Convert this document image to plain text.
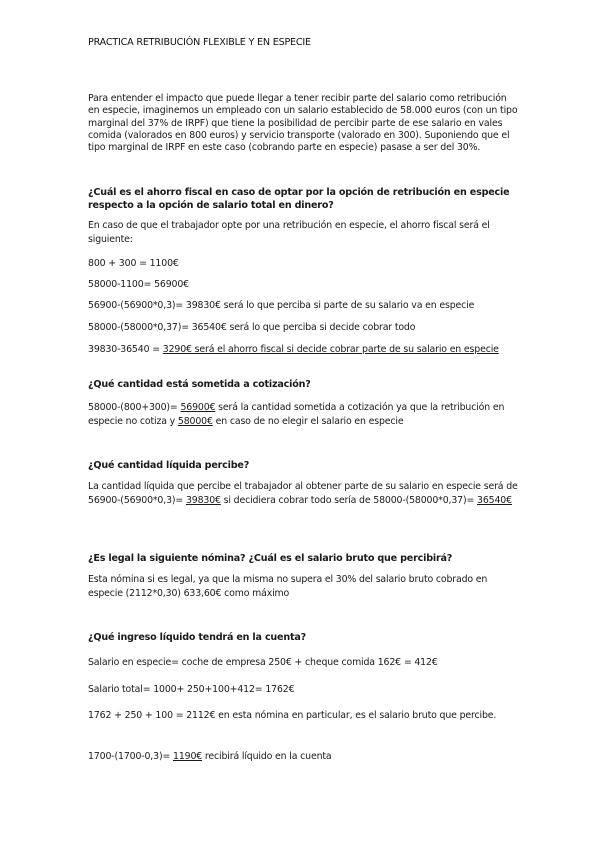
PRACTICA RETRIBUCIÓN FLEXIBLE Y EN ESPECIE
Para entender el impacto que puede llegar a tener recibir parte del salario como retribución en especie, imaginemos un empleado con un salario establecido de 58.000 euros (con un tipo marginal del 37% de IRPF) que tiene la posibilidad de percibir parte de ese salario en vales comida (valorados en 800 euros) y servicio transporte (valorado en 300). Suponiendo que el tipo marginal de IRPF en este caso (cobrando parte en especie) pasase a ser del 30%.
¿Cuál es el ahorro fiscal en caso de optar por la opción de retribución en especie respecto a la opción de salario total en dinero?
En caso de que el trabajador opte por una retribución en especie, el ahorro fiscal será el siguiente:
800 + 300 = 1100€
58000-1100= 56900€
56900-(56900*0,3)= 39830€ será lo que perciba si parte de su salario va en especie
58000-(58000*0,37)= 36540€ será lo que perciba si decide cobrar todo
39830-36540 = 3290€ será el ahorro fiscal si decide cobrar parte de su salario en especie
¿Qué cantidad está sometida a cotización?
58000-(800+300)= 56900€ será la cantidad sometida a cotización ya que la retribución en especie no cotiza y 58000€ en caso de no elegir el salario en especie
¿Qué cantidad líquida percibe?
La cantidad líquida que percibe el trabajador al obtener parte de su salario en especie será de 56900-(56900*0,3)= 39830€ si decidiera cobrar todo sería de 58000-(58000*0,37)= 36540€
¿Es legal la siguiente nómina? ¿Cuál es el salario bruto que percibirá?
Esta nómina si es legal, ya que la misma no supera el 30% del salario bruto cobrado en especie (2112*0,30) 633,60€ como máximo
¿Qué ingreso líquido tendrá en la cuenta?
Salario en especie= coche de empresa 250€ + cheque comida 162€ = 412€
Salario total= 1000+ 250+100+412= 1762€
1762 + 250 + 100 = 2112€ en esta nómina en particular, es el salario bruto que percibe.
1700-(1700-0,3)= 1190€ recibirá líquido en la cuenta
